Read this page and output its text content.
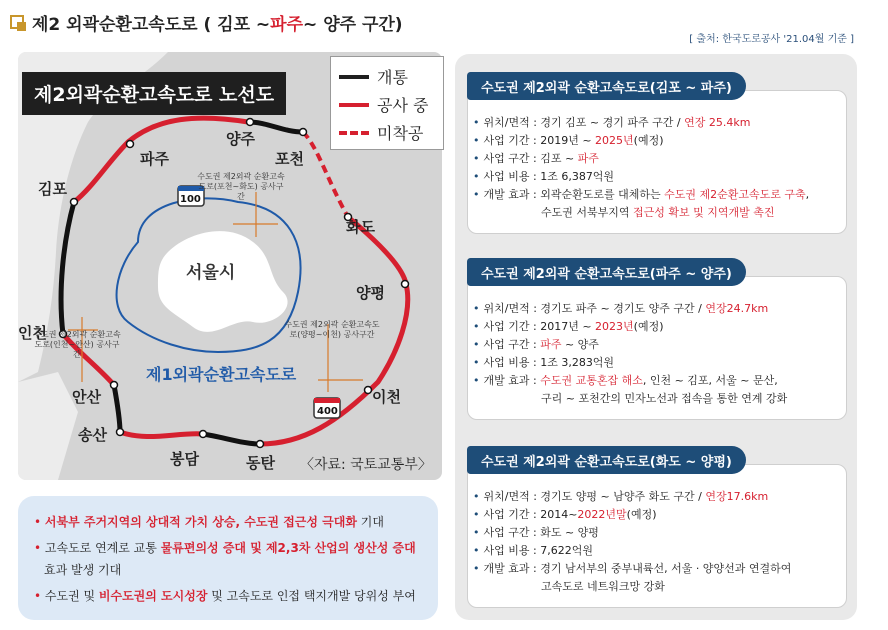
제2 외곽순환고속도로 ( 김포 ~ 파주 ~ 양주 구간)
[ 출처: 한국도로공사 '21.04월 기준 ]
제2외곽순환고속도로 노선도
개통
공사 중
미착공
파주
양주
포천
김포
화도
양평
인천
안산	이천
송산
봉담	동탄
서울시
제1외곽순환고속도로
수도권 제2외곽 순환고속도로(포천~화도) 공사구간
수도권 제2외곽 순환고속도로(양평~이천) 공사구간
수도권 제2외곽 순환고속도로(인천~안산) 공사구간
100
400
〈자료: 국토교통부〉
• 서북부 주거지역의 상대적 가치 상승, 수도권 접근성 극대화 기대
• 고속도로 연계로 교통 물류편의성 증대 및 제2,3차 산업의 생산성 증대
효과 발생 기대
• 수도권 및 비수도권의 도시성장 및 고속도로 인접 택지개발 당위성 부여
수도권 제2외곽 순환고속도로(김포 ~ 파주)
• 위치/면적 : 경기 김포 ~ 경기 파주 구간 / 연장 25.4km
• 사업 기간 : 2019년 ~ 2025년(예정)
• 사업 구간 : 김포 ~ 파주
• 사업 비용 : 1조 6,387억원
• 개발 효과 : 외곽순환도로를 대체하는 수도권 제2순환고속도로 구축,
수도권 서북부지역 접근성 확보 및 지역개발 촉진
수도권 제2외곽 순환고속도로(파주 ~ 양주)
• 위치/면적 : 경기도 파주 ~ 경기도 양주 구간 / 연장24.7km
• 사업 기간 : 2017년 ~ 2023년(예정)
• 사업 구간 : 파주 ~ 양주
• 사업 비용 : 1조 3,283억원
• 개발 효과 : 수도권 교통혼잡 해소, 인천 ~ 김포, 서울 ~ 문산,
구리 ~ 포천간의 민자노선과 접속을 통한 연계 강화
수도권 제2외곽 순환고속도로(화도 ~ 양평)
• 위치/면적 : 경기도 양평 ~ 남양주 화도 구간 / 연장17.6km
• 사업 기간 : 2014~2022년말(예정)
• 사업 구간 : 화도 ~ 양평
• 사업 비용 : 7,622억원
• 개발 효과 : 경기 남서부의 중부내륙선, 서울 · 양양선과 연결하여
고속도로 네트워크망 강화
